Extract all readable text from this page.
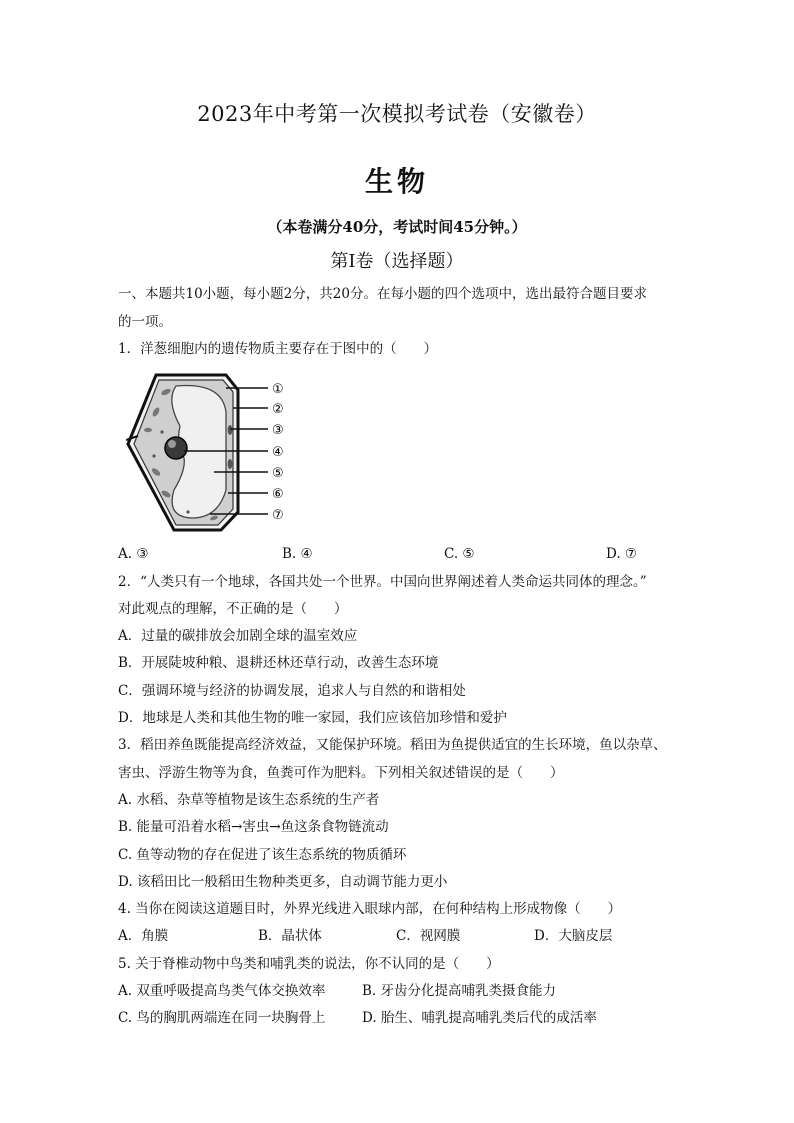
2023年中考第一次模拟考试卷（安徽卷）
生物
（本卷满分40分，考试时间45分钟。）
第Ⅰ卷（选择题）
一、本题共10小题，每小题2分，共20分。在每小题的四个选项中，选出最符合题目要求
的一项。
1．洋葱细胞内的遗传物质主要存在于图中的（　　）
①
②
③
④
⑤
⑥
⑦
A. ③	B. ④	C. ⑤	D. ⑦
2．“人类只有一个地球，各国共处一个世界。中国向世界阐述着人类命运共同体的理念。”
对此观点的理解，不正确的是（　　）
A．过量的碳排放会加剧全球的温室效应
B．开展陡坡种粮、退耕还林还草行动，改善生态环境
C．强调环境与经济的协调发展，追求人与自然的和谐相处
D．地球是人类和其他生物的唯一家园，我们应该倍加珍惜和爱护
3．稻田养鱼既能提高经济效益，又能保护环境。稻田为鱼提供适宜的生长环境，鱼以杂草、
害虫、浮游生物等为食，鱼粪可作为肥料。下列相关叙述错误的是（　　）
A. 水稻、杂草等植物是该生态系统的生产者
B. 能量可沿着水稻→害虫→鱼这条食物链流动
C. 鱼等动物的存在促进了该生态系统的物质循环
D. 该稻田比一般稻田生物种类更多，自动调节能力更小
4. 当你在阅读这道题目时，外界光线进入眼球内部，在何种结构上形成物像（　　）
A．角膜	B．晶状体	C．视网膜	D．大脑皮层
5. 关于脊椎动物中鸟类和哺乳类的说法，你不认同的是（　　）
A. 双重呼吸提高鸟类气体交换效率	B. 牙齿分化提高哺乳类摄食能力
C. 鸟的胸肌两端连在同一块胸骨上	D. 胎生、哺乳提高哺乳类后代的成活率
